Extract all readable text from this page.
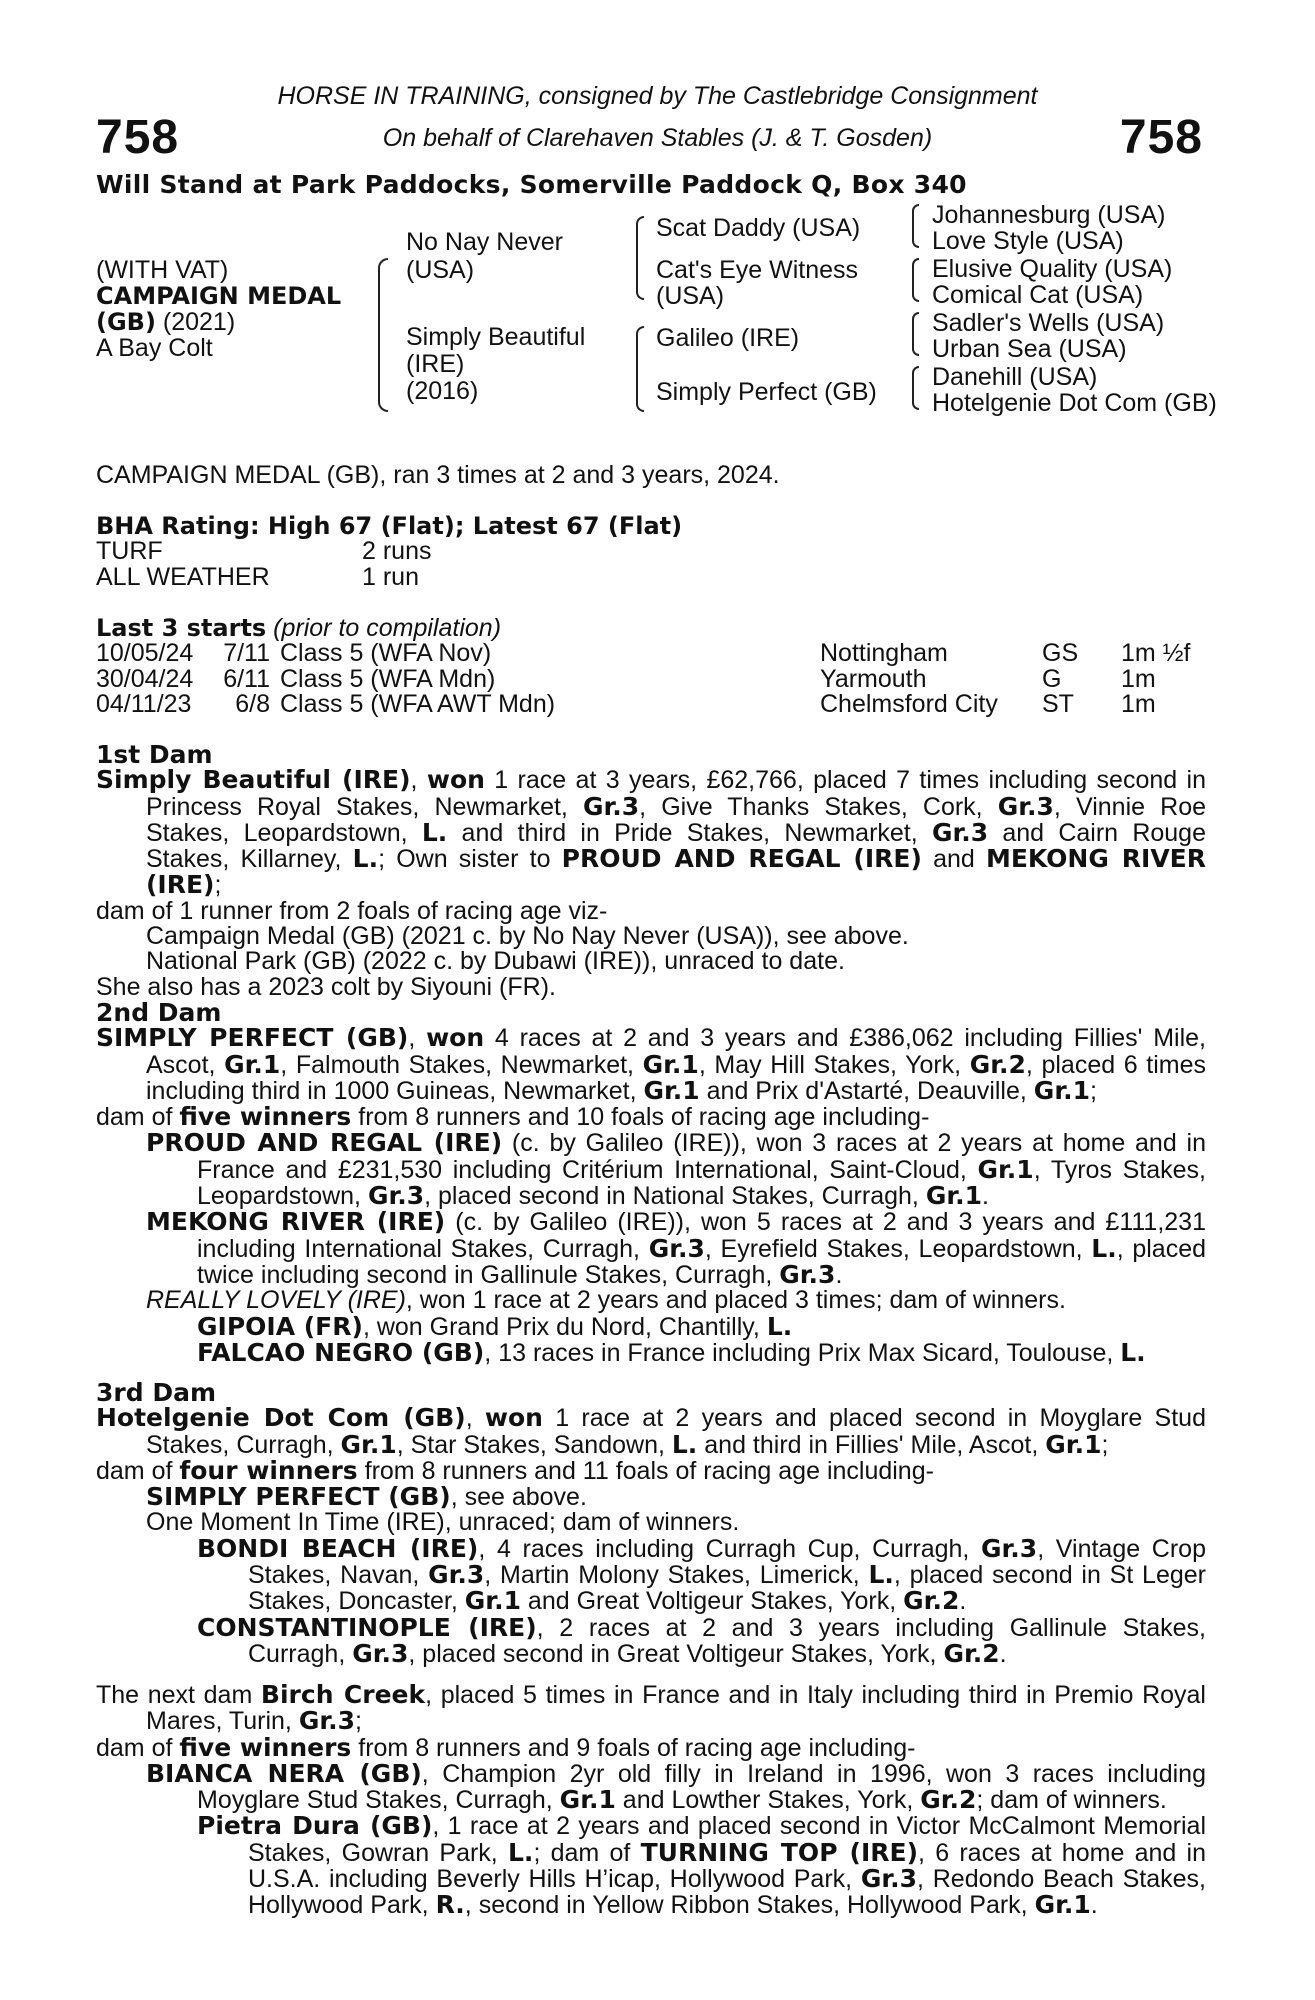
758	758
HORSE IN TRAINING, consigned by The Castlebridge Consignment
On behalf of Clarehaven Stables (J. & T. Gosden)
Will Stand at Park Paddocks, Somerville Paddock Q, Box 340
(WITH VAT)
CAMPAIGN MEDAL
(GB) (2021)
A Bay Colt
No Nay Never
(USA)
Simply Beautiful
(IRE)
(2016)
Scat Daddy (USA)
Cat's Eye Witness
(USA)
Galileo (IRE)
Simply Perfect (GB)
Johannesburg (USA)
Love Style (USA)
Elusive Quality (USA)
Comical Cat (USA)
Sadler's Wells (USA)
Urban Sea (USA)
Danehill (USA)
Hotelgenie Dot Com (GB)
CAMPAIGN MEDAL (GB), ran 3 times at 2 and 3 years, 2024.
BHA Rating: High 67 (Flat); Latest 67 (Flat)
TURF	2 runs
ALL WEATHER	1 run
Last 3 starts (prior to compilation)
10/05/24	7/11	Class 5 (WFA Nov)	Nottingham	GS	1m ½f
30/04/24	6/11	Class 5 (WFA Mdn)	Yarmouth	G	1m
04/11/23	6/8	Class 5 (WFA AWT Mdn)	Chelmsford City	ST	1m

1st Dam

Simply Beautiful (IRE), won 1 race at 3 years, £62,766, placed 7 times including second in Princess Royal Stakes, Newmarket, Gr.3, Give Thanks Stakes, Cork, Gr.3, Vinnie Roe Stakes, Leopardstown, L. and third in Pride Stakes, Newmarket, Gr.3 and Cairn Rouge Stakes, Killarney, L.; Own sister to PROUD AND REGAL (IRE) and MEKONG RIVER (IRE);

dam of 1 runner from 2 foals of racing age viz-

Campaign Medal (GB) (2021 c. by No Nay Never (USA)), see above.

National Park (GB) (2022 c. by Dubawi (IRE)), unraced to date.

She also has a 2023 colt by Siyouni (FR).

2nd Dam

SIMPLY PERFECT (GB), won 4 races at 2 and 3 years and £386,062 including Fillies' Mile, Ascot, Gr.1, Falmouth Stakes, Newmarket, Gr.1, May Hill Stakes, York, Gr.2, placed 6 times including third in 1000 Guineas, Newmarket, Gr.1 and Prix d'Astarté, Deauville, Gr.1;

dam of five winners from 8 runners and 10 foals of racing age including-

PROUD AND REGAL (IRE) (c. by Galileo (IRE)), won 3 races at 2 years at home and in France and £231,530 including Critérium International, Saint-Cloud, Gr.1, Tyros Stakes, Leopardstown, Gr.3, placed second in National Stakes, Curragh, Gr.1.

MEKONG RIVER (IRE) (c. by Galileo (IRE)), won 5 races at 2 and 3 years and £111,231 including International Stakes, Curragh, Gr.3, Eyrefield Stakes, Leopardstown, L., placed twice including second in Gallinule Stakes, Curragh, Gr.3.

REALLY LOVELY (IRE), won 1 race at 2 years and placed 3 times; dam of winners.

GIPOIA (FR), won Grand Prix du Nord, Chantilly, L.

FALCAO NEGRO (GB), 13 races in France including Prix Max Sicard, Toulouse, L.

3rd Dam

Hotelgenie Dot Com (GB), won 1 race at 2 years and placed second in Moyglare Stud Stakes, Curragh, Gr.1, Star Stakes, Sandown, L. and third in Fillies' Mile, Ascot, Gr.1;

dam of four winners from 8 runners and 11 foals of racing age including-

SIMPLY PERFECT (GB), see above.

One Moment In Time (IRE), unraced; dam of winners.

BONDI BEACH (IRE), 4 races including Curragh Cup, Curragh, Gr.3, Vintage Crop Stakes, Navan, Gr.3, Martin Molony Stakes, Limerick, L., placed second in St Leger Stakes, Doncaster, Gr.1 and Great Voltigeur Stakes, York, Gr.2.

CONSTANTINOPLE (IRE), 2 races at 2 and 3 years including Gallinule Stakes, Curragh, Gr.3, placed second in Great Voltigeur Stakes, York, Gr.2.

The next dam Birch Creek, placed 5 times in France and in Italy including third in Premio Royal Mares, Turin, Gr.3;

dam of five winners from 8 runners and 9 foals of racing age including-

BIANCA NERA (GB), Champion 2yr old filly in Ireland in 1996, won 3 races including Moyglare Stud Stakes, Curragh, Gr.1 and Lowther Stakes, York, Gr.2; dam of winners.

Pietra Dura (GB), 1 race at 2 years and placed second in Victor McCalmont Memorial Stakes, Gowran Park, L.; dam of TURNING TOP (IRE), 6 races at home and in U.S.A. including Beverly Hills H’icap, Hollywood Park, Gr.3, Redondo Beach Stakes, Hollywood Park, R., second in Yellow Ribbon Stakes, Hollywood Park, Gr.1.
